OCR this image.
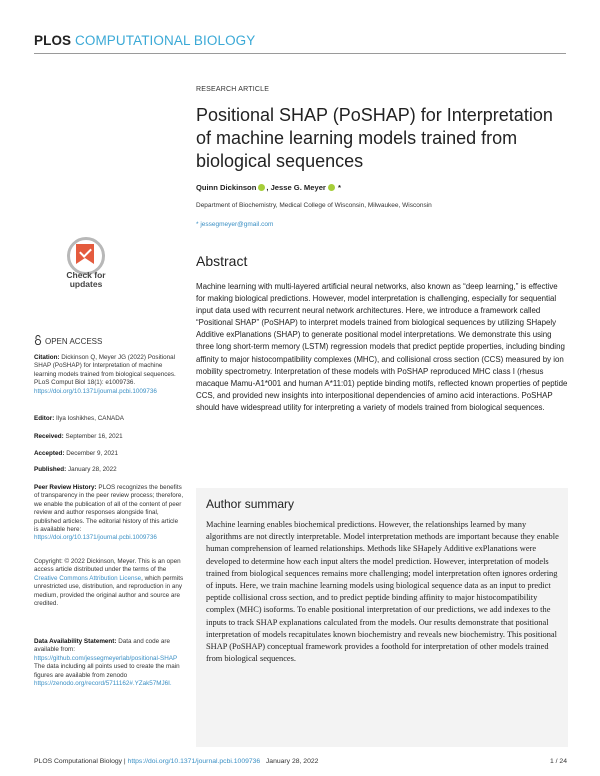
PLOS COMPUTATIONAL BIOLOGY
Check for
updates
OPEN ACCESS
Citation: Dickinson Q, Meyer JG (2022) Positional SHAP (PoSHAP) for Interpretation of machine learning models trained from biological sequences. PLoS Comput Biol 18(1): e1009736. https://doi.org/10.1371/journal.pcbi.1009736
Editor: Ilya Ioshikhes, CANADA
Received: September 16, 2021
Accepted: December 9, 2021
Published: January 28, 2022
Peer Review History: PLOS recognizes the benefits of transparency in the peer review process; therefore, we enable the publication of all of the content of peer review and author responses alongside final, published articles. The editorial history of this article is available here: https://doi.org/10.1371/journal.pcbi.1009736
Copyright: © 2022 Dickinson, Meyer. This is an open access article distributed under the terms of the Creative Commons Attribution License, which permits unrestricted use, distribution, and reproduction in any medium, provided the original author and source are credited.
Data Availability Statement: Data and code are available from: https://github.com/jessegmeyerlab/positional-SHAP The data including all points used to create the main figures are available from zenodo https://zenodo.org/record/5711162#.YZak57MJ6I.
RESEARCH ARTICLE
Positional SHAP (PoSHAP) for Interpretation of machine learning models trained from biological sequences
Quinn Dickinson , Jesse G. Meyer *
Department of Biochemistry, Medical College of Wisconsin, Milwaukee, Wisconsin
* jessegmeyer@gmail.com
Abstract
Machine learning with multi-layered artificial neural networks, also known as “deep learning,” is effective for making biological predictions. However, model interpretation is challenging, especially for sequential input data used with recurrent neural network architectures. Here, we introduce a framework called “Positional SHAP” (PoSHAP) to interpret models trained from biological sequences by utilizing SHapely Additive exPlanations (SHAP) to generate positional model interpretations. We demonstrate this using three long short-term memory (LSTM) regression models that predict peptide properties, including binding affinity to major histocompatibility complexes (MHC), and collisional cross section (CCS) measured by ion mobility spectrometry. Interpretation of these models with PoSHAP reproduced MHC class I (rhesus macaque Mamu-A1*001 and human A*11:01) peptide binding motifs, reflected known properties of peptide CCS, and provided new insights into interpositional dependencies of amino acid interactions. PoSHAP should have widespread utility for interpreting a variety of models trained from biological sequences.
Author summary
Machine learning enables biochemical predictions. However, the relationships learned by many algorithms are not directly interpretable. Model interpretation methods are important because they enable human comprehension of learned relationships. Methods like SHapely Additive exPlanations were developed to determine how each input alters the model prediction. However, interpretation of models trained from biological sequences remains more challenging; model interpretation often ignores ordering of inputs. Here, we train machine learning models using biological sequence data as an input to predict peptide collisional cross section, and to predict peptide binding affinity to major histocompatibility complex (MHC) isoforms. To enable positional interpretation of our predictions, we add indexes to the inputs to track SHAP explanations calculated from the models. Our results demonstrate that positional interpretation of models recapitulates known biochemistry and reveals new biochemistry. This positional SHAP (PoSHAP) conceptual framework provides a foothold for interpretation of other models trained from biological sequences.
PLOS Computational Biology | https://doi.org/10.1371/journal.pcbi.1009736 January 28, 2022	1 / 24
